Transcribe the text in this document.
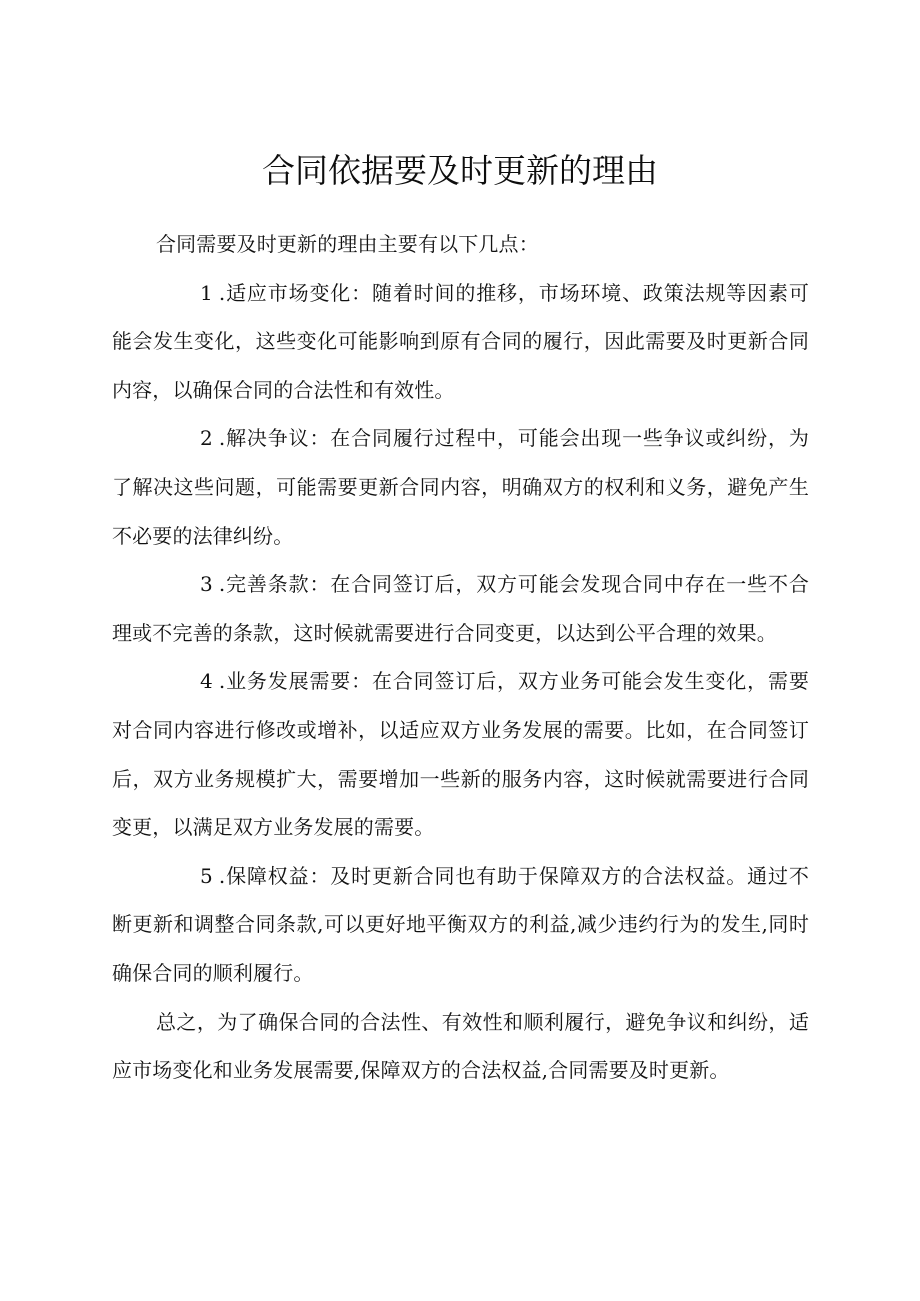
合同依据要及时更新的理由

合同需要及时更新的理由主要有以下几点：

1 .适应市场变化：随着时间的推移，市场环境、政策法规等因素可能会发生变化，这些变化可能影响到原有合同的履行，因此需要及时更新合同内容，以确保合同的合法性和有效性。

2 .解决争议：在合同履行过程中，可能会出现一些争议或纠纷，为了解决这些问题，可能需要更新合同内容，明确双方的权利和义务，避免产生不必要的法律纠纷。

3 .完善条款：在合同签订后，双方可能会发现合同中存在一些不合理或不完善的条款，这时候就需要进行合同变更，以达到公平合理的效果。

4 .业务发展需要：在合同签订后，双方业务可能会发生变化，需要对合同内容进行修改或增补，以适应双方业务发展的需要。比如，在合同签订后，双方业务规模扩大，需要增加一些新的服务内容，这时候就需要进行合同变更，以满足双方业务发展的需要。

5 .保障权益：及时更新合同也有助于保障双方的合法权益。通过不断更新和调整合同条款,可以更好地平衡双方的利益,减少违约行为的发生,同时确保合同的顺利履行。

总之，为了确保合同的合法性、有效性和顺利履行，避免争议和纠纷，适应市场变化和业务发展需要,保障双方的合法权益,合同需要及时更新。
